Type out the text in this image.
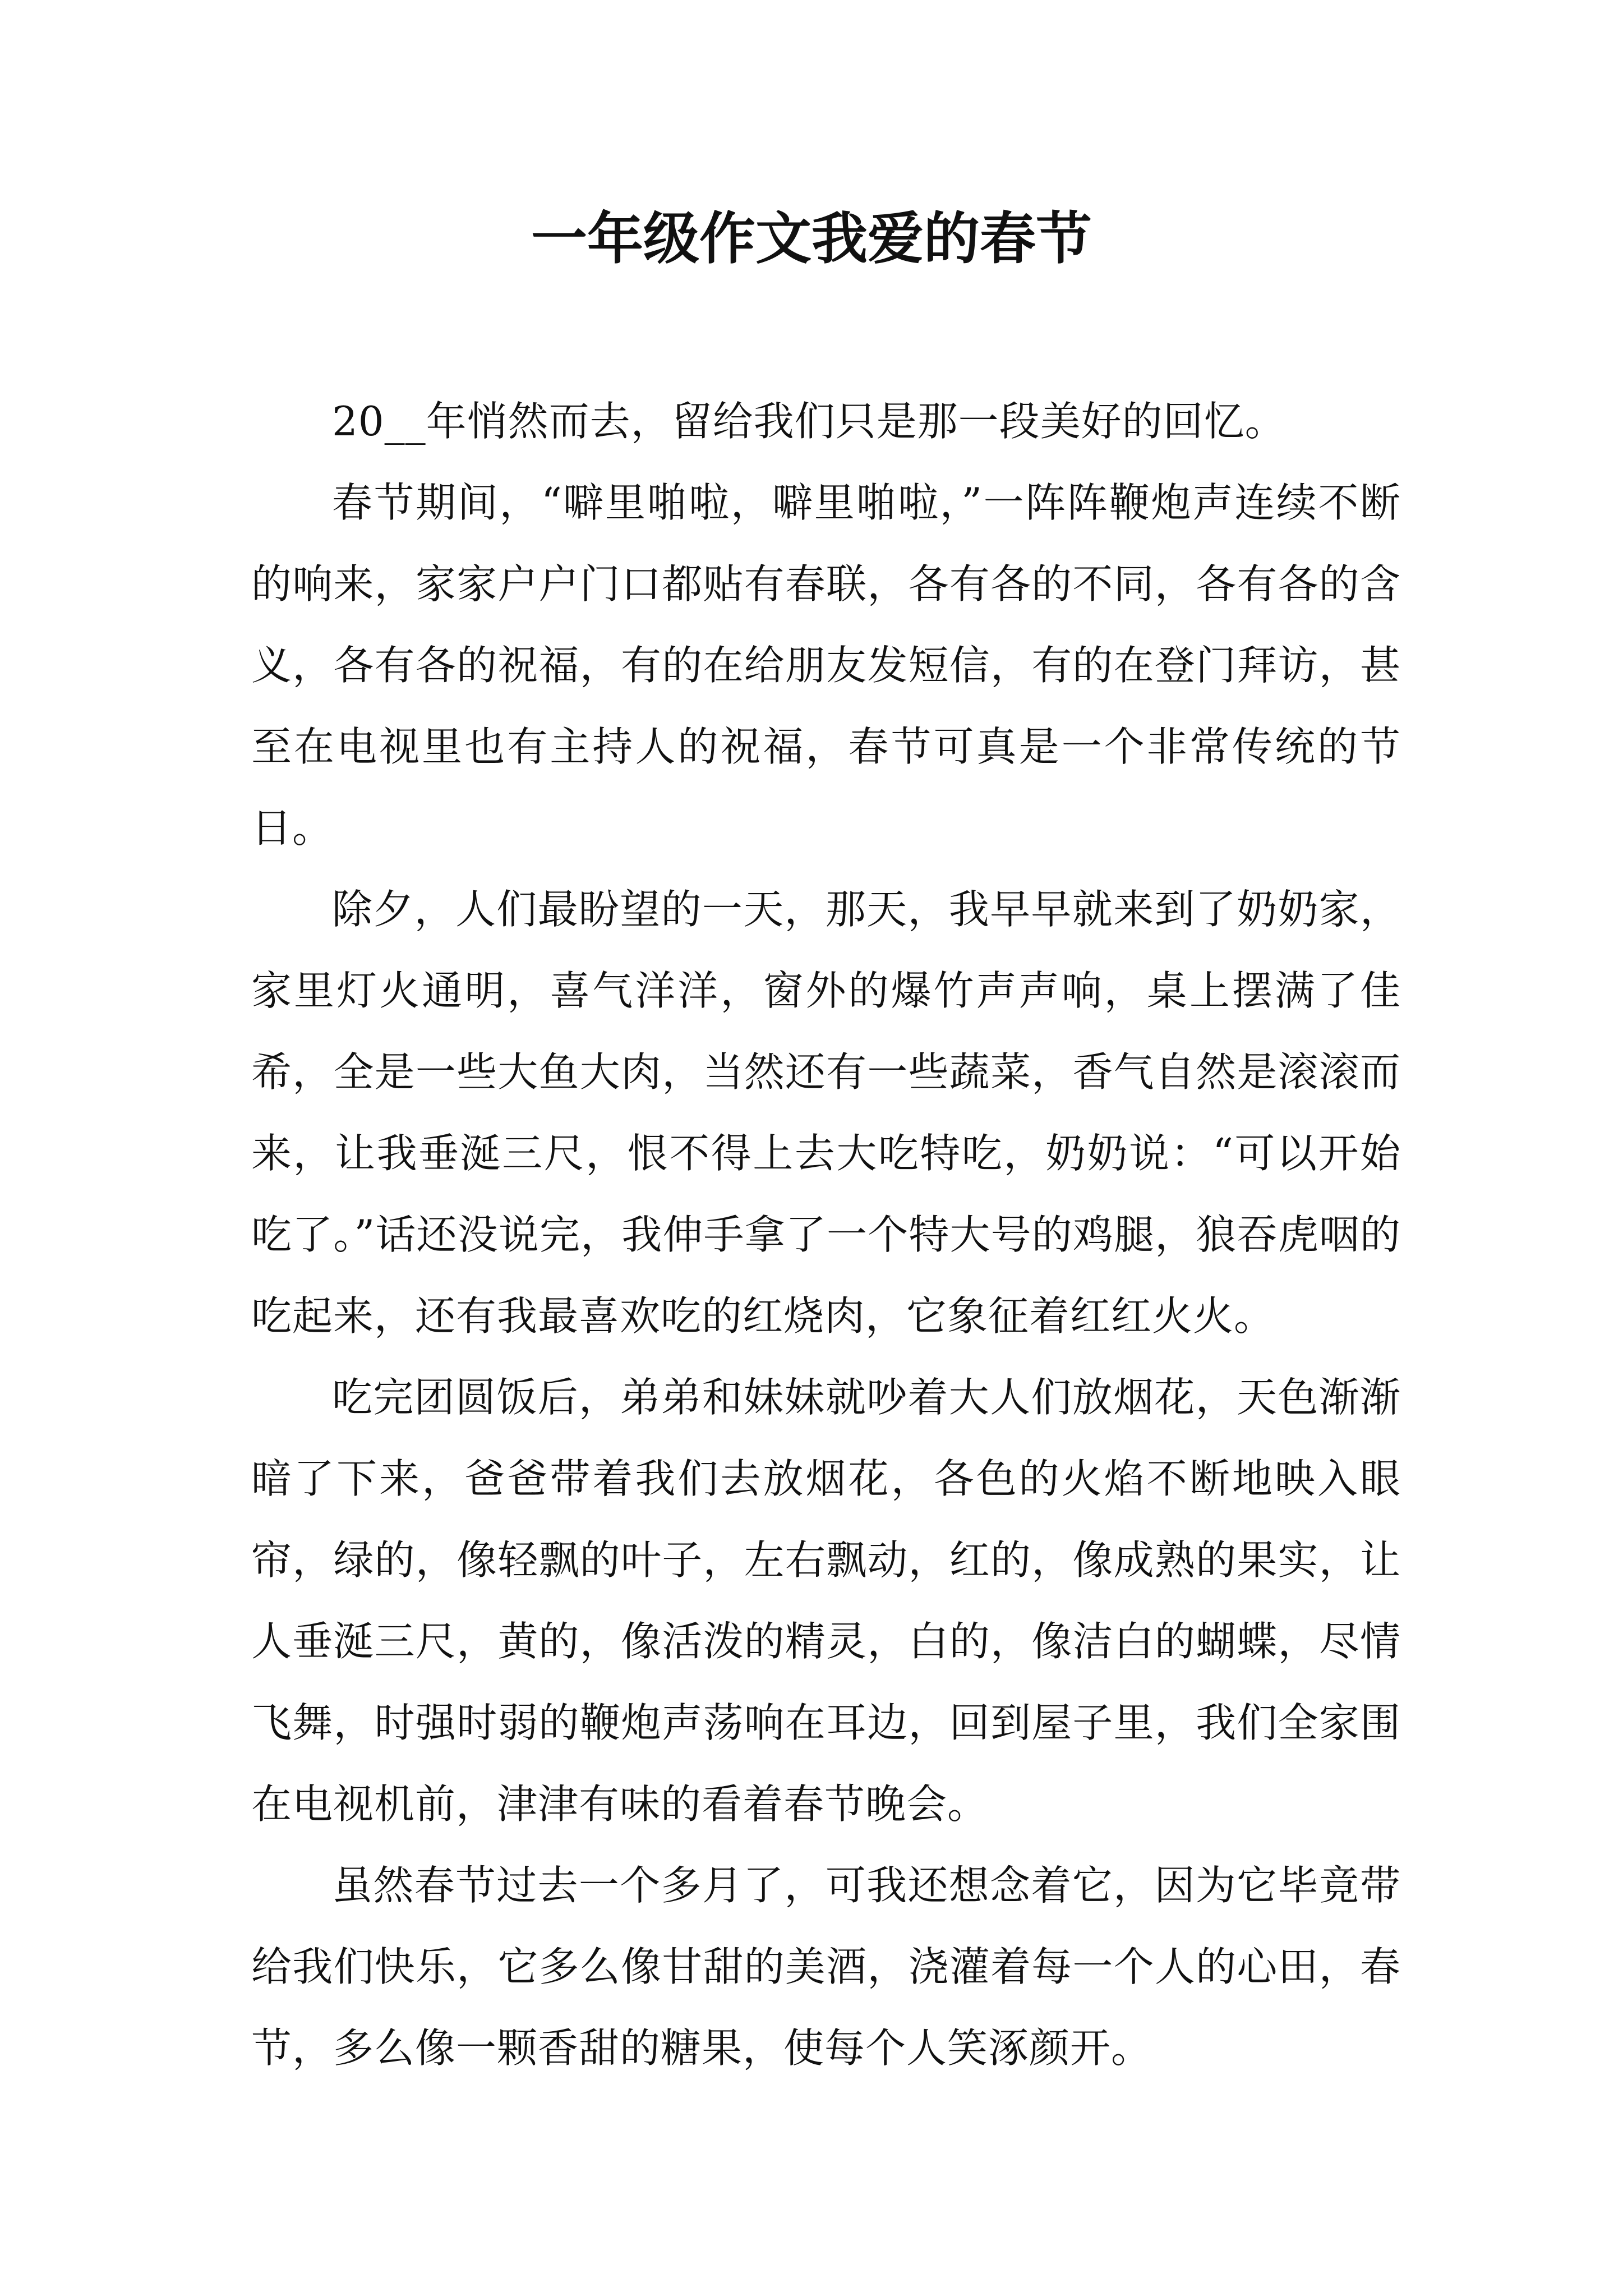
一年级作文我爱的春节

20__年悄然而去，留给我们只是那一段美好的回忆。

春节期间，“噼里啪啦，噼里啪啦，”一阵阵鞭炮声连续不断的响来，家家户户门口都贴有春联，各有各的不同，各有各的含义，各有各的祝福，有的在给朋友发短信，有的在登门拜访，甚至在电视里也有主持人的祝福，春节可真是一个非常传统的节日。

除夕，人们最盼望的一天，那天，我早早就来到了奶奶家，家里灯火通明，喜气洋洋，窗外的爆竹声声响，桌上摆满了佳希，全是一些大鱼大肉，当然还有一些蔬菜，香气自然是滚滚而来，让我垂涎三尺，恨不得上去大吃特吃，奶奶说：“可以开始吃了。”话还没说完，我伸手拿了一个特大号的鸡腿，狼吞虎咽的吃起来，还有我最喜欢吃的红烧肉，它象征着红红火火。

吃完团圆饭后，弟弟和妹妹就吵着大人们放烟花，天色渐渐暗了下来，爸爸带着我们去放烟花，各色的火焰不断地映入眼帘，绿的，像轻飘的叶子，左右飘动，红的，像成熟的果实，让人垂涎三尺，黄的，像活泼的精灵，白的，像洁白的蝴蝶，尽情飞舞，时强时弱的鞭炮声荡响在耳边，回到屋子里，我们全家围在电视机前，津津有味的看着春节晚会。

虽然春节过去一个多月了，可我还想念着它，因为它毕竟带给我们快乐，它多么像甘甜的美酒，浇灌着每一个人的心田，春节，多么像一颗香甜的糖果，使每个人笑涿颜开。
